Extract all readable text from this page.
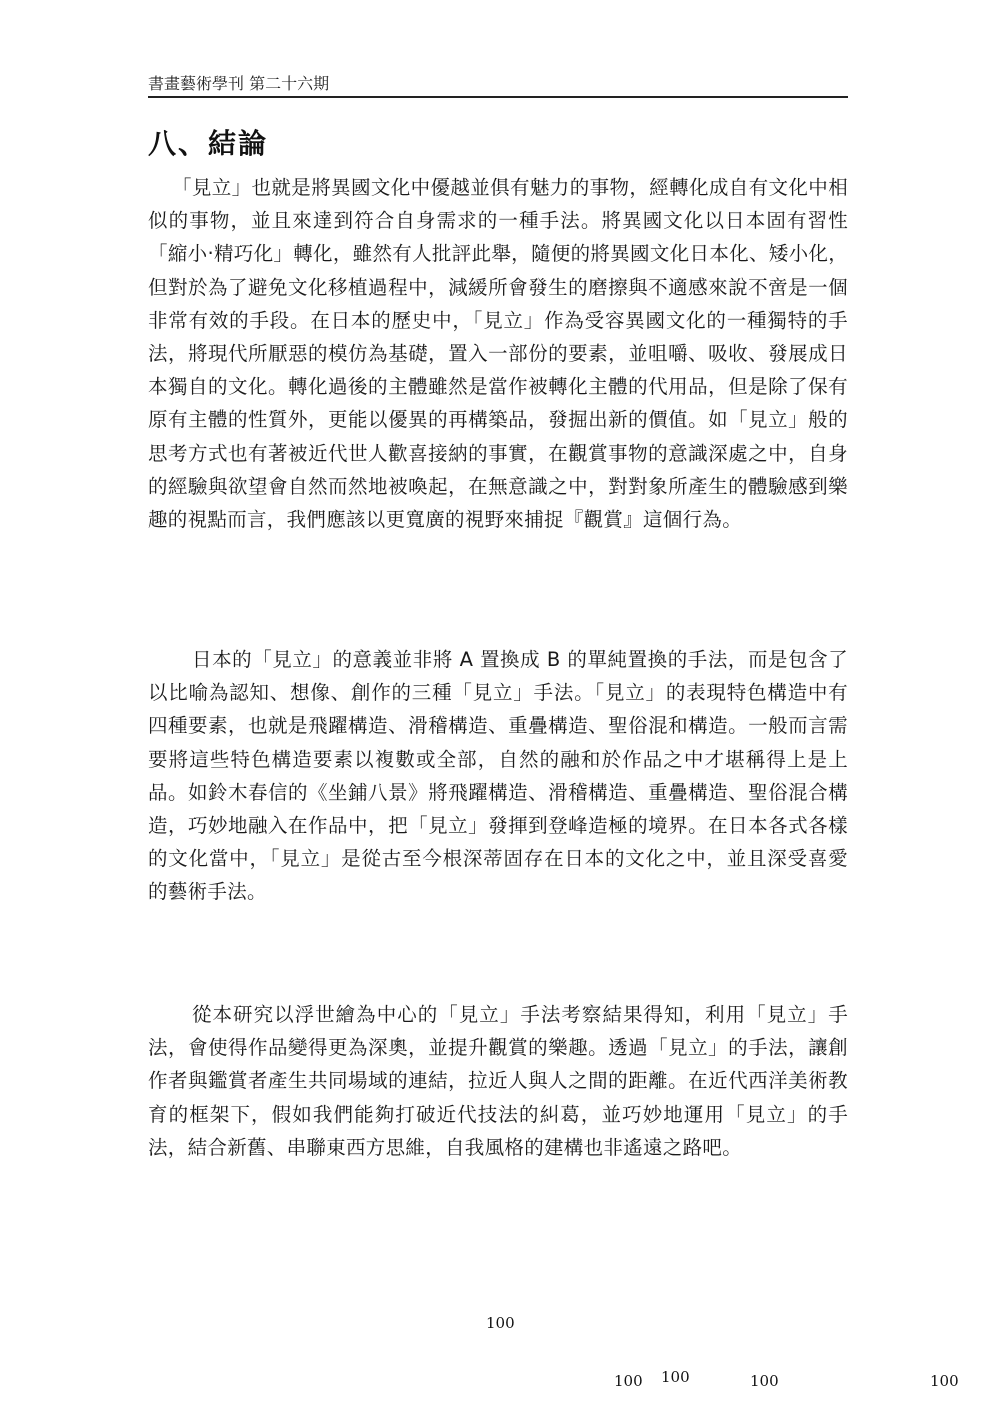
書畫藝術學刊 第二十六期
八、結論

「見立」也就是將異國文化中優越並俱有魅力的事物，經轉化成自有文化中相似的事物，並且來達到符合自身需求的一種手法。將異國文化以日本固有習性「縮小‧精巧化」轉化，雖然有人批評此舉，隨便的將異國文化日本化、矮小化，但對於為了避免文化移植過程中，減緩所會發生的磨擦與不適感來說不啻是一個非常有效的手段。在日本的歷史中，「見立」作為受容異國文化的一種獨特的手法，將現代所厭惡的模仿為基礎，置入一部份的要素，並咀嚼、吸收、發展成日本獨自的文化。轉化過後的主體雖然是當作被轉化主體的代用品，但是除了保有原有主體的性質外，更能以優異的再構築品，發掘出新的價值。如「見立」般的思考方式也有著被近代世人歡喜接納的事實，在觀賞事物的意識深處之中，自身的經驗與欲望會自然而然地被喚起，在無意識之中，對對象所產生的體驗感到樂趣的視點而言，我們應該以更寬廣的視野來捕捉『觀賞』這個行為。

日本的「見立」的意義並非將 A 置換成 B 的單純置換的手法，而是包含了以比喻為認知、想像、創作的三種「見立」手法。「見立」的表現特色構造中有四種要素，也就是飛躍構造、滑稽構造、重疊構造、聖俗混和構造。一般而言需要將這些特色構造要素以複數或全部，自然的融和於作品之中才堪稱得上是上品。如鈴木春信的《坐鋪八景》將飛躍構造、滑稽構造、重疊構造、聖俗混合構造，巧妙地融入在作品中，把「見立」發揮到登峰造極的境界。在日本各式各樣的文化當中，「見立」是從古至今根深蒂固存在日本的文化之中，並且深受喜愛的藝術手法。

從本研究以浮世繪為中心的「見立」手法考察結果得知，利用「見立」手法，會使得作品變得更為深奧，並提升觀賞的樂趣。透過「見立」的手法，讓創作者與鑑賞者產生共同場域的連結，拉近人與人之間的距離。在近代西洋美術教育的框架下，假如我們能夠打破近代技法的糾葛，並巧妙地運用「見立」的手法，結合新舊、串聯東西方思維，自我風格的建構也非遙遠之路吧。

100
100 100	100	100
